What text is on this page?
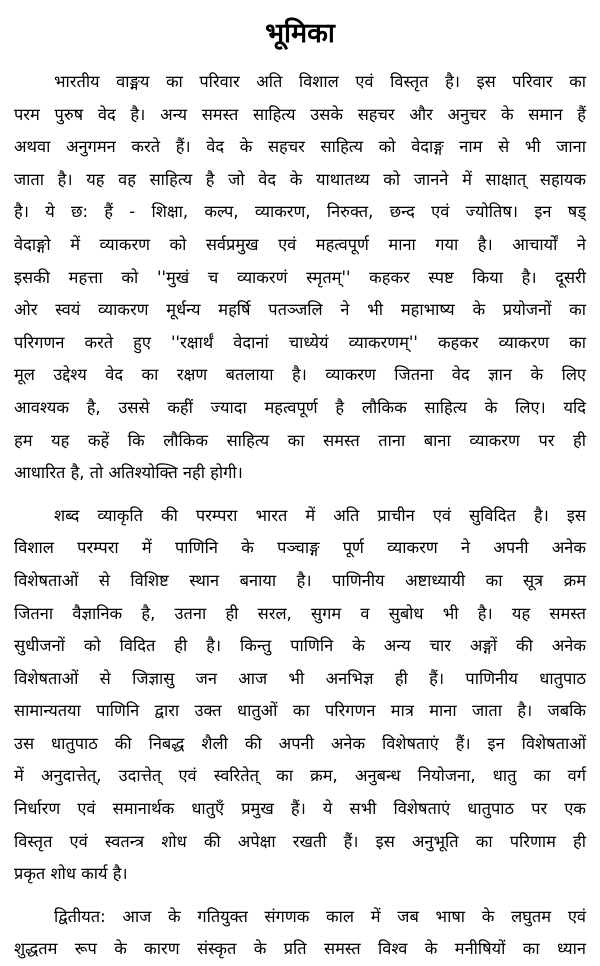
भूमिका

भारतीय वाङ्मय का परिवार अति विशाल एवं विस्तृत है। इस परिवार का
परम पुरुष वेद है। अन्य समस्त साहित्य उसके सहचर और अनुचर के समान हैं
अथवा अनुगमन करते हैं। वेद के सहचर साहित्य को वेदाङ्ग नाम से भी जाना
जाता है। यह वह साहित्य है जो वेद के याथातथ्य को जानने में साक्षात् सहायक
है। ये छ: हैं - शिक्षा, कल्प, व्याकरण, निरुक्त, छन्द एवं ज्योतिष। इन षड्
वेदाङ्गो में व्याकरण को सर्वप्रमुख एवं महत्वपूर्ण माना गया है। आचार्यों ने
इसकी महत्ता को ''मुखं च व्याकरणं स्मृतम्'' कहकर स्पष्ट किया है। दूसरी
ओर स्वयं व्याकरण मूर्धन्य महर्षि पतञ्जलि ने भी महाभाष्य के प्रयोजनों का
परिगणन करते हुए ''रक्षार्थं वेदानां चाध्येयं व्याकरणम्'' कहकर व्याकरण का
मूल उद्देश्य वेद का रक्षण बतलाया है। व्याकरण जितना वेद ज्ञान के लिए
आवश्यक है, उससे कहीं ज्यादा महत्वपूर्ण है लौकिक साहित्य के लिए। यदि
हम यह कहें कि लौकिक साहित्य का समस्त ताना बाना व्याकरण पर ही
आधारित है, तो अतिश्योक्ति नही होगी।

शब्द व्याकृति की परम्परा भारत में अति प्राचीन एवं सुविदित है। इस
विशाल परम्परा में पाणिनि के पञ्चाङ्ग पूर्ण व्याकरण ने अपनी अनेक
विशेषताओं से विशिष्ट स्थान बनाया है। पाणिनीय अष्टाध्यायी का सूत्र क्रम
जितना वैज्ञानिक है, उतना ही सरल, सुगम व सुबोध भी है। यह समस्त
सुधीजनों को विदित ही है। किन्तु पाणिनि के अन्य चार अङ्गों की अनेक
विशेषताओं से जिज्ञासु जन आज भी अनभिज्ञ ही हैं। पाणिनीय धातुपाठ
सामान्यतया पाणिनि द्वारा उक्त धातुओं का परिगणन मात्र माना जाता है। जबकि
उस धातुपाठ की निबद्ध शैली की अपनी अनेक विशेषताएं हैं। इन विशेषताओं
में अनुदात्तेत्, उदात्तेत् एवं स्वरितेत् का क्रम, अनुबन्ध नियोजना, धातु का वर्ग
निर्धारण एवं समानार्थक धातुएँ प्रमुख हैं। ये सभी विशेषताएं धातुपाठ पर एक
विस्तृत एवं स्वतन्त्र शोध की अपेक्षा रखती हैं। इस अनुभूति का परिणाम ही
प्रकृत शोध कार्य है।

द्वितीयत: आज के गतियुक्त संगणक काल में जब भाषा के लघुतम एवं
शुद्धतम रूप के कारण संस्कृत के प्रति समस्त विश्व के मनीषियों का ध्यान
